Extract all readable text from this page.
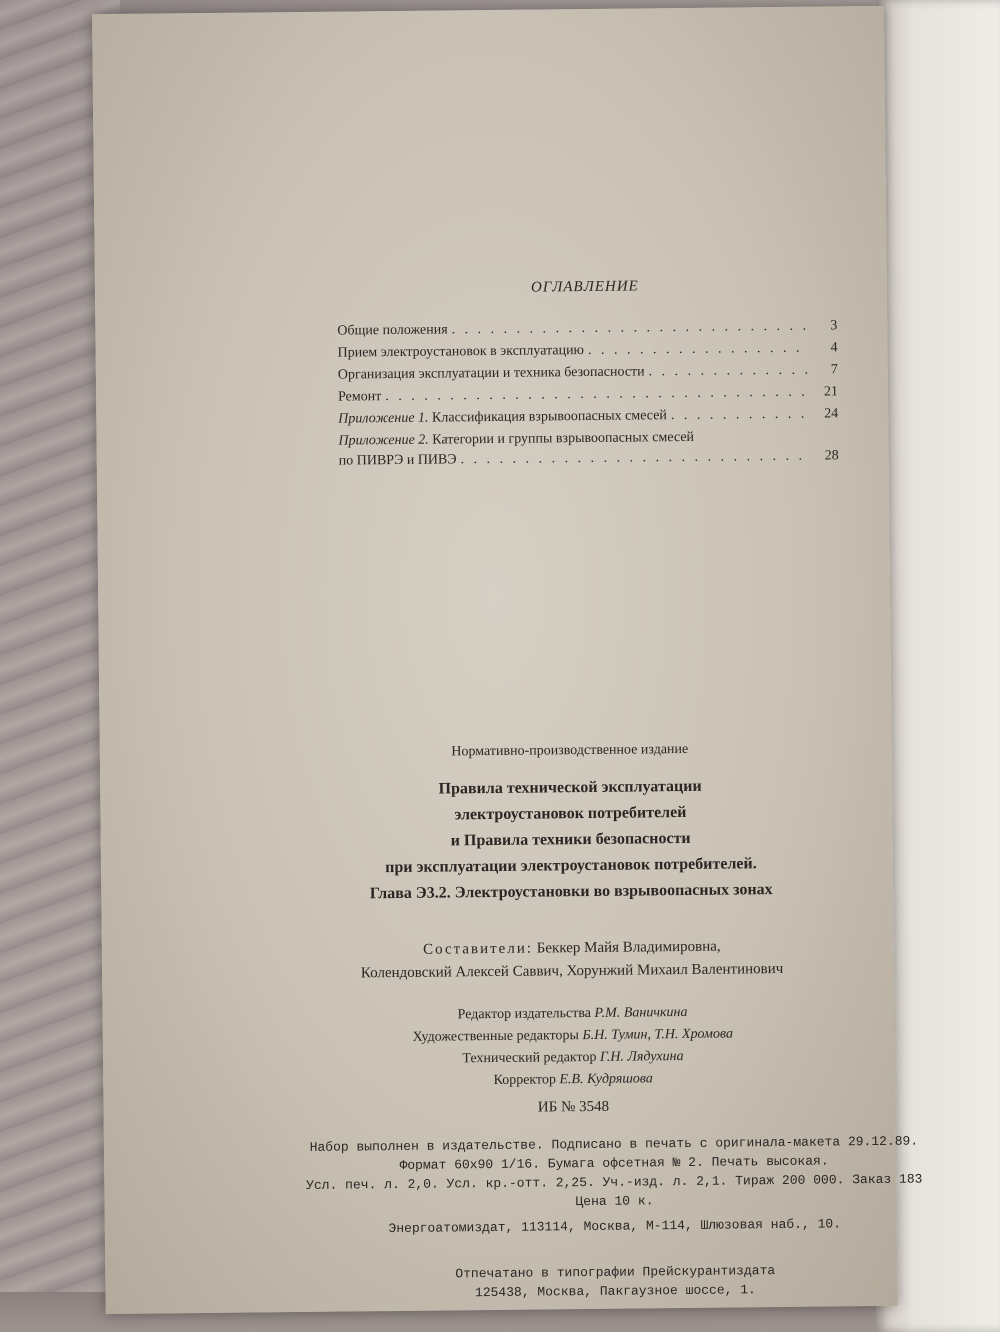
ОГЛАВЛЕНИЕ
Общие положения . . .	3
Прием электроустановок в эксплуатацию . . .	4
Организация эксплуатации и техника безопасности . . .	7
Ремонт . . .	21
Приложение 1. Классификация взрывоопасных смесей . . .	24
Приложение 2. Категории и группы взрывоопасных смесей
по ПИВРЭ и ПИВЭ . . .	28
Нормативно-производственное издание
Правила технической эксплуатации
электроустановок потребителей
и Правила техники безопасности
при эксплуатации электроустановок потребителей.
Глава Э3.2. Электроустановки во взрывоопасных зонах
Составители: Беккер Майя Владимировна,
Колендовский Алексей Саввич, Хорунжий Михаил Валентинович
Редактор издательства Р.М. Ваничкина
Художественные редакторы Б.Н. Тумин, Т.Н. Хромова
Технический редактор Г.Н. Лядухина
Корректор Е.В. Кудряшова
ИБ № 3548
Набор выполнен в издательстве. Подписано в печать с оригинала-макета 29.12.89.
Формат 60х90 1/16. Бумага офсетная № 2. Печать высокая.
Усл. печ. л. 2,0. Усл. кр.-отт. 2,25. Уч.-изд. л. 2,1. Тираж 200 000. Заказ 183
Цена 10 к.
Энергоатомиздат, 113114, Москва, М-114, Шлюзовая наб., 10.
Отпечатано в типографии Прейскурантиздата
125438, Москва, Пакгаузное шоссе, 1.
